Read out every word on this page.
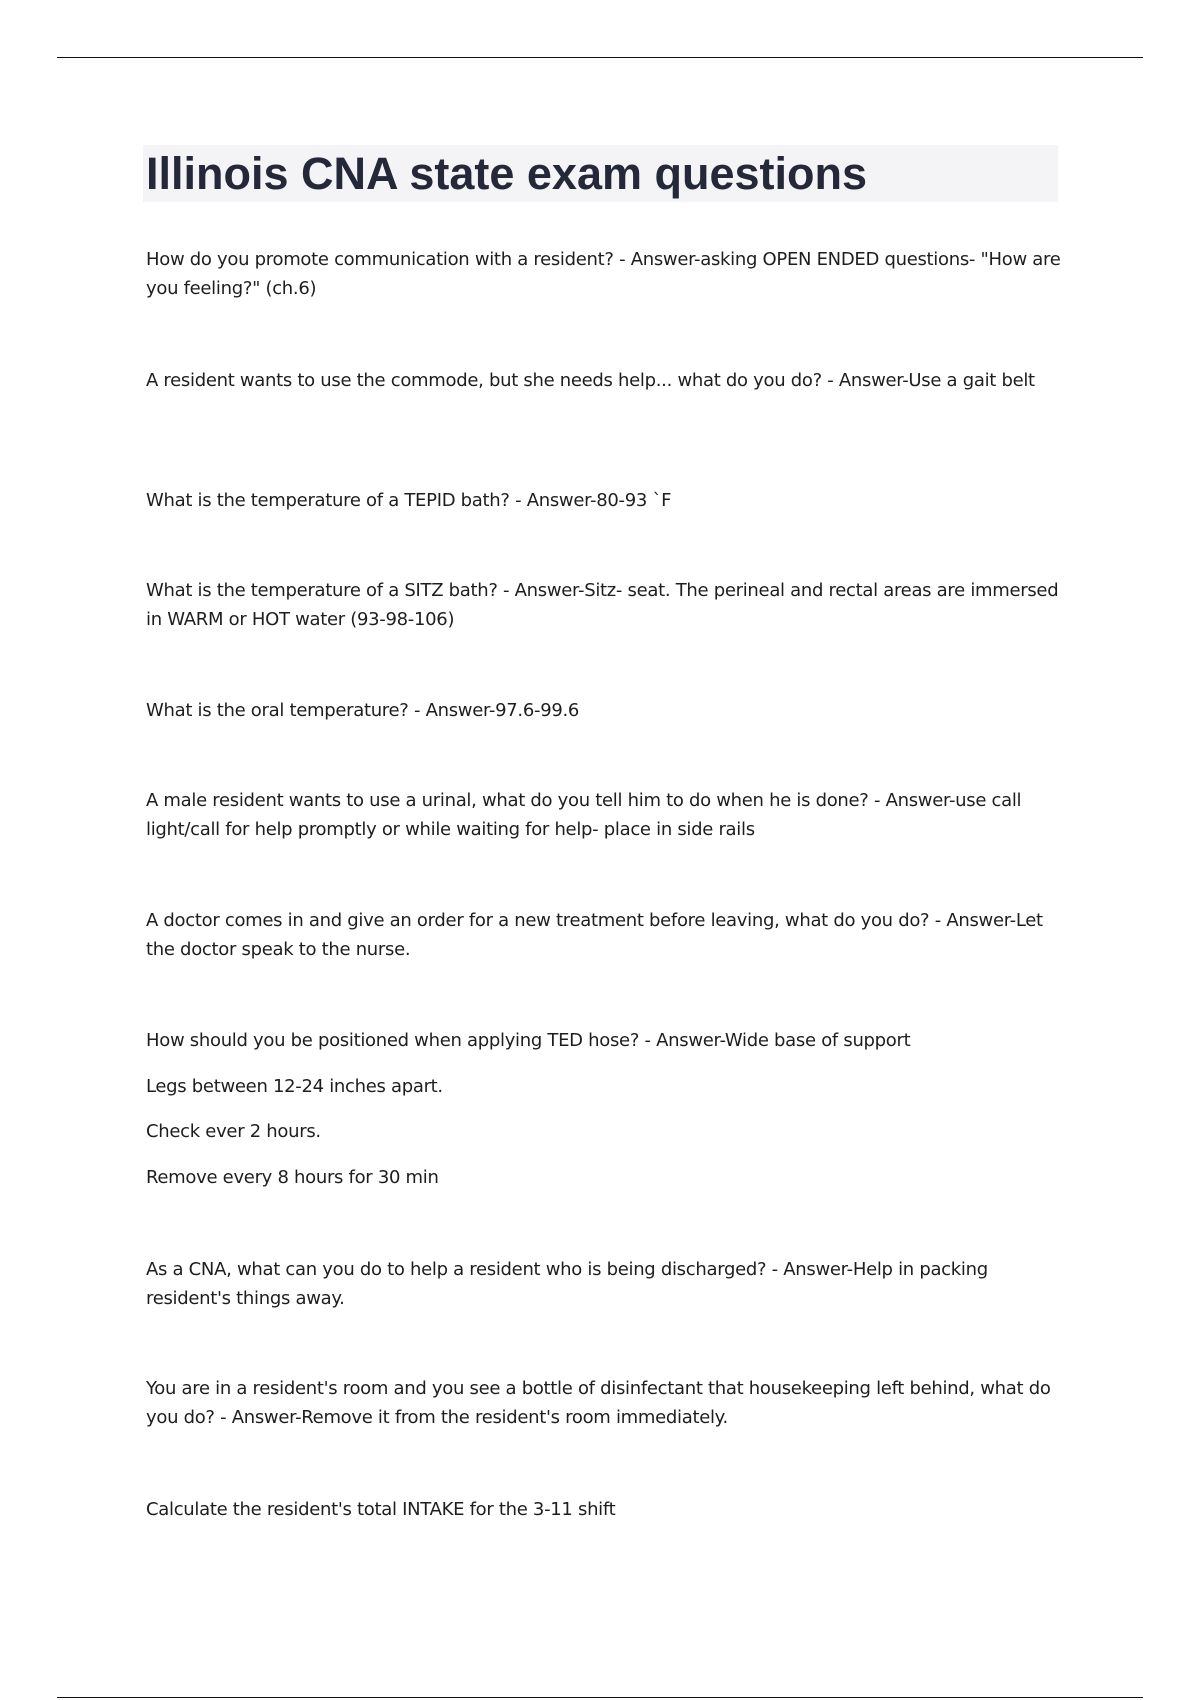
Illinois CNA state exam questions

How do you promote communication with a resident? - Answer-asking OPEN ENDED questions- "How are you feeling?" (ch.6)

A resident wants to use the commode, but she needs help... what do you do? - Answer-Use a gait belt

What is the temperature of a TEPID bath? - Answer-80-93 `F

What is the temperature of a SITZ bath? - Answer-Sitz- seat. The perineal and rectal areas are immersed in WARM or HOT water (93-98-106)

What is the oral temperature? - Answer-97.6-99.6

A male resident wants to use a urinal, what do you tell him to do when he is done? - Answer-use call light/call for help promptly or while waiting for help- place in side rails

A doctor comes in and give an order for a new treatment before leaving, what do you do? - Answer-Let the doctor speak to the nurse.

How should you be positioned when applying TED hose? - Answer-Wide base of support

Legs between 12-24 inches apart.

Check ever 2 hours.

Remove every 8 hours for 30 min

As a CNA, what can you do to help a resident who is being discharged? - Answer-Help in packing resident's things away.

You are in a resident's room and you see a bottle of disinfectant that housekeeping left behind, what do you do? - Answer-Remove it from the resident's room immediately.

Calculate the resident's total INTAKE for the 3-11 shift
